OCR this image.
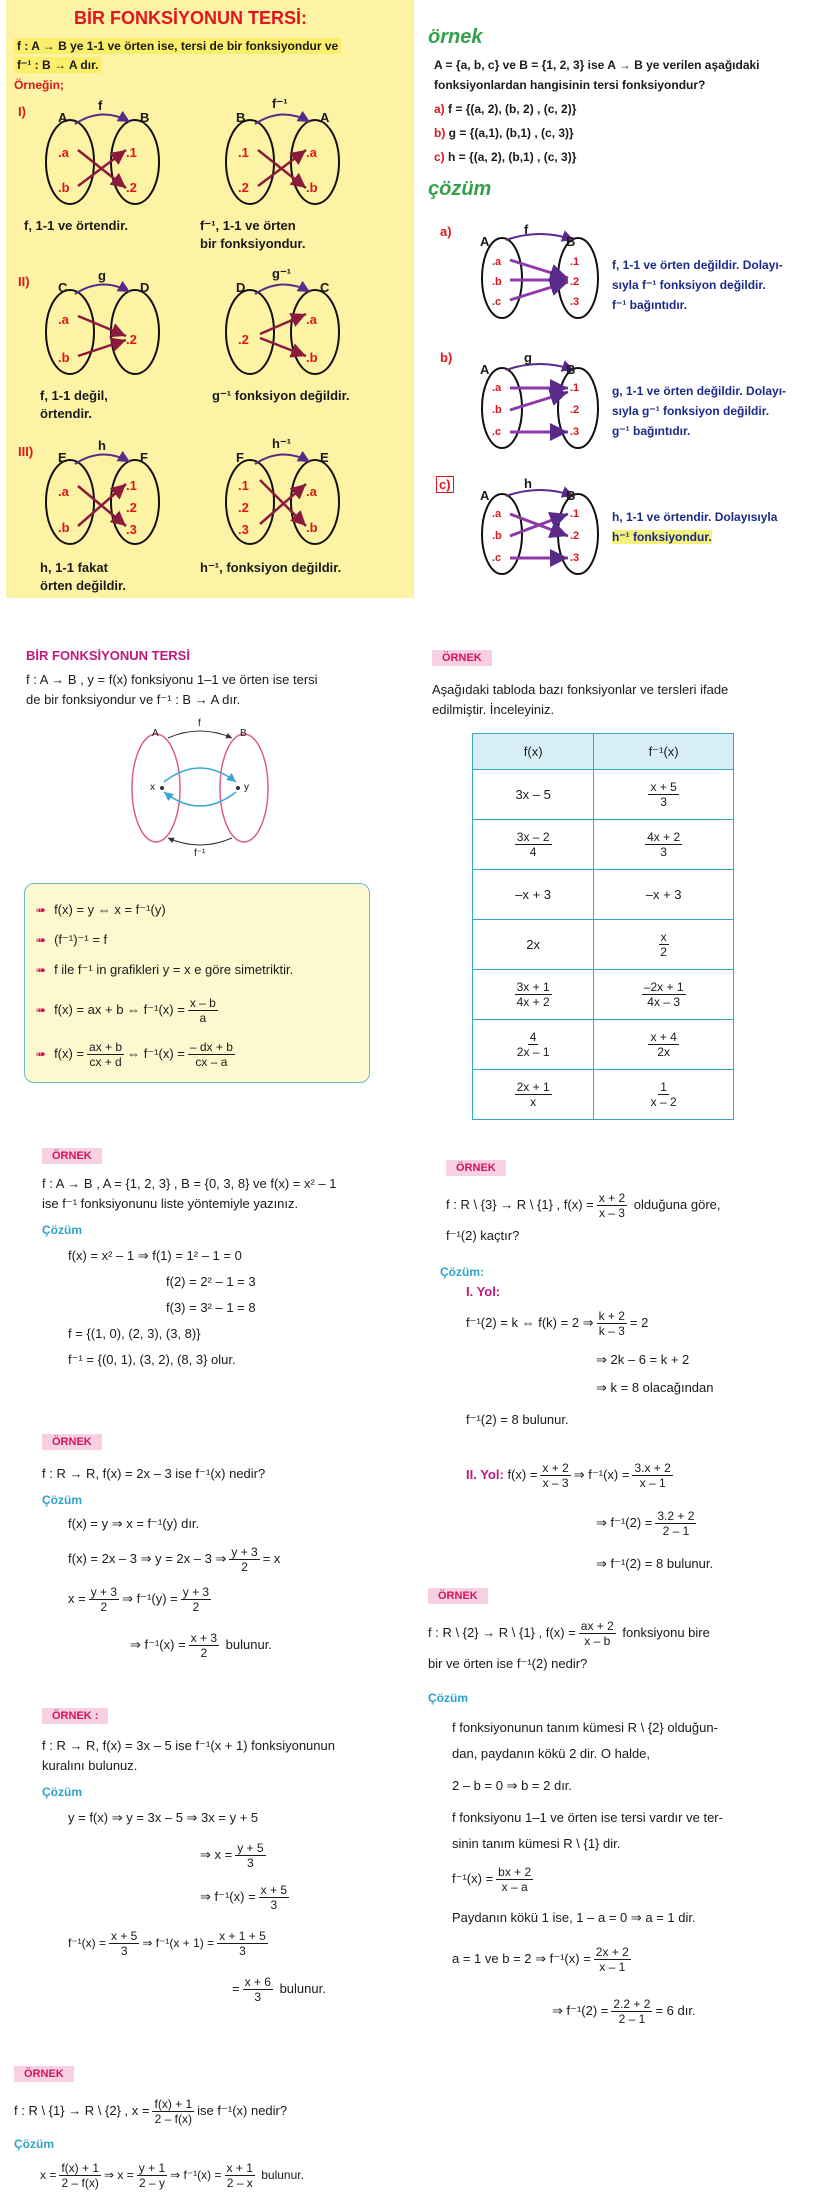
BİR FONKSİYONUN TERSİ:
f : A → B ye 1-1 ve örten ise, tersi de bir fonksiyondur ve
f⁻¹ : B → A dır.
Örneğin;
I)
II)
III)
A	B
f
.a
.b
.1
.2
f, 1-1 ve örtendir.
B	A
f⁻¹
.1
.2
.a
.b
f⁻¹, 1-1 ve örten
bir fonksiyondur.
C	D
g
.a
.b
.2
f, 1-1 değil,
örtendir.
D	C
g⁻¹
.2
.a
.b
g⁻¹ fonksiyon değildir.
E	F
h
.a
.b
.1
.2
.3
h, 1-1 fakat
örten değildir.
F	E
h⁻¹
.1
.2
.3
.a
.b
h⁻¹, fonksiyon değildir.
örnek
A = {a, b, c} ve B = {1, 2, 3} ise A → B ye verilen aşağıdaki
fonksiyonlardan hangisinin tersi fonksiyondur?
a) f = {(a, 2), (b, 2) , (c, 2)}
b) g = {(a,1), (b,1) , (c, 3)}
c) h = {(a, 2), (b,1) , (c, 3)}
çözüm
a)
A	B
f
.a
.b
.c
.1
.2
.3
f, 1-1 ve örten değildir. Dolayı-
sıyla f⁻¹ fonksiyon değildir.
f⁻¹ bağıntıdır.
b)
A	B
g
.a
.b
.c
.1
.2
.3
g, 1-1 ve örten değildir. Dolayı-
sıyla g⁻¹ fonksiyon değildir.
g⁻¹ bağıntıdır.
c)
A	B
h
.a
.b
.c
.1
.2
.3
h, 1-1 ve örtendir. Dolayısıyla
h⁻¹ fonksiyondur.
BİR FONKSİYONUN TERSİ
f : A → B , y = f(x) fonksiyonu 1–1 ve örten ise tersi
de bir fonksiyondur ve f⁻¹ : B → A dır.
A	B
f
f⁻¹
x	y
➠ f(x) = y ⇔ x = f⁻¹(y)
➠ (f⁻¹)⁻¹ = f
➠ f ile f⁻¹ in grafikleri y = x e göre simetriktir.
➠ f(x) = ax + b ⇔ $f^{-1}(x) = \frac{x - b}{a}$
➠ $f(x) = \frac{ax + b}{cx + d}$ ⇔ $f^{-1}(x) = \frac{- dx + b}{cx - a}$
ÖRNEK
Aşağıdaki tabloda bazı fonksiyonlar ve tersleri ifade
edilmiştir. İnceleyiniz.
f(x)	f⁻¹(x)
3x – 5	$\frac{x + 5}{3}$

$\frac{3x - 2}{4}$	$\frac{4x + 2}{3}$

–x + 3	–x + 3
2x	$\frac{x}{2}$

$\frac{3x + 1}{4x + 2}$	$\frac{-2x + 1}{4x - 3}$

$\frac{4}{2x - 1}$	$\frac{x + 4}{2x}$

$\frac{2x + 1}{x}$	$\frac{1}{x - 2}$
ÖRNEK
f : A → B , A = {1, 2, 3} , B = {0, 3, 8} ve f(x) = x² – 1
ise f⁻¹ fonksiyonunu liste yöntemiyle yazınız.
Çözüm
f(x) = x² – 1 ⇒ f(1) = 1² – 1 = 0
f(2) = 2² – 1 = 3
f(3) = 3² – 1 = 8
f = {(1, 0), (2, 3), (3, 8)}
f⁻¹ = {(0, 1), (3, 2), (8, 3} olur.
ÖRNEK
f : R → R, f(x) = 2x – 3 ise f⁻¹(x) nedir?
Çözüm
f(x) = y ⇒ x = f⁻¹(y) dır.
f(x) = 2x – 3 ⇒ y = 2x – 3 ⇒ $\frac{y + 3}{2} = x$
$x = \frac{y + 3}{2}$ ⇒ $f^{-1}(y) = \frac{y + 3}{2}$
⇒ $f^{-1}(x) = \frac{x + 3}{2}$ bulunur.
ÖRNEK :
f : R → R, f(x) = 3x – 5 ise f⁻¹(x + 1) fonksiyonunun
kuralını bulunuz.
Çözüm
y = f(x) ⇒ y = 3x – 5 ⇒ 3x = y + 5
⇒ $x = \frac{y + 5}{3}$
⇒ $f^{-1}(x) = \frac{x + 5}{3}$
$f^{-1}(x) = \frac{x + 5}{3}$ ⇒ $f^{-1}(x + 1) = \frac{x + 1 + 5}{3}$
= $\frac{x + 6}{3}$ bulunur.
ÖRNEK
f : R \ {1} → R \ {2} , $x = \frac{f(x) + 1}{2 - f(x)}$ ise f⁻¹(x) nedir?
Çözüm
$x = \frac{f(x) + 1}{2 - f(x)}$ ⇒ $x = \frac{y + 1}{2 - y}$ ⇒ $f^{-1}(x) = \frac{x + 1}{2 - x}$ bulunur.
ÖRNEK
f : R \ {3} → R \ {1} , $f(x) = \frac{x + 2}{x - 3}$ olduğuna göre,
f⁻¹(2) kaçtır?
Çözüm:
I. Yol:
f⁻¹(2) = k ⇔ f(k) = 2 ⇒ $\frac{k + 2}{k - 3} = 2$
⇒ 2k – 6 = k + 2
⇒ k = 8 olacağından
f⁻¹(2) = 8 bulunur.
II. Yol: $f(x) = \frac{x + 2}{x - 3}$ ⇒ $f^{-1}(x) = \frac{3.x + 2}{x - 1}$
⇒ $f^{-1}(2) = \frac{3.2 + 2}{2 - 1}$
⇒ f⁻¹(2) = 8 bulunur.
ÖRNEK
f : R \ {2} → R \ {1} , $f(x) = \frac{ax + 2}{x - b}$ fonksiyonu bire
bir ve örten ise f⁻¹(2) nedir?
Çözüm
f fonksiyonunun tanım kümesi R \ {2} olduğun-
dan, paydanın kökü 2 dir. O halde,
2 – b = 0 ⇒ b = 2 dır.
f fonksiyonu 1–1 ve örten ise tersi vardır ve ter-
sinin tanım kümesi R \ {1} dir.
$f^{-1}(x) = \frac{bx + 2}{x - a}$
Paydanın kökü 1 ise, 1 – a = 0 ⇒ a = 1 dir.
a = 1 ve b = 2 ⇒ $f^{-1}(x) = \frac{2x + 2}{x - 1}$
⇒ $f^{-1}(2) = \frac{2.2 + 2}{2 - 1} = 6$ dır.
